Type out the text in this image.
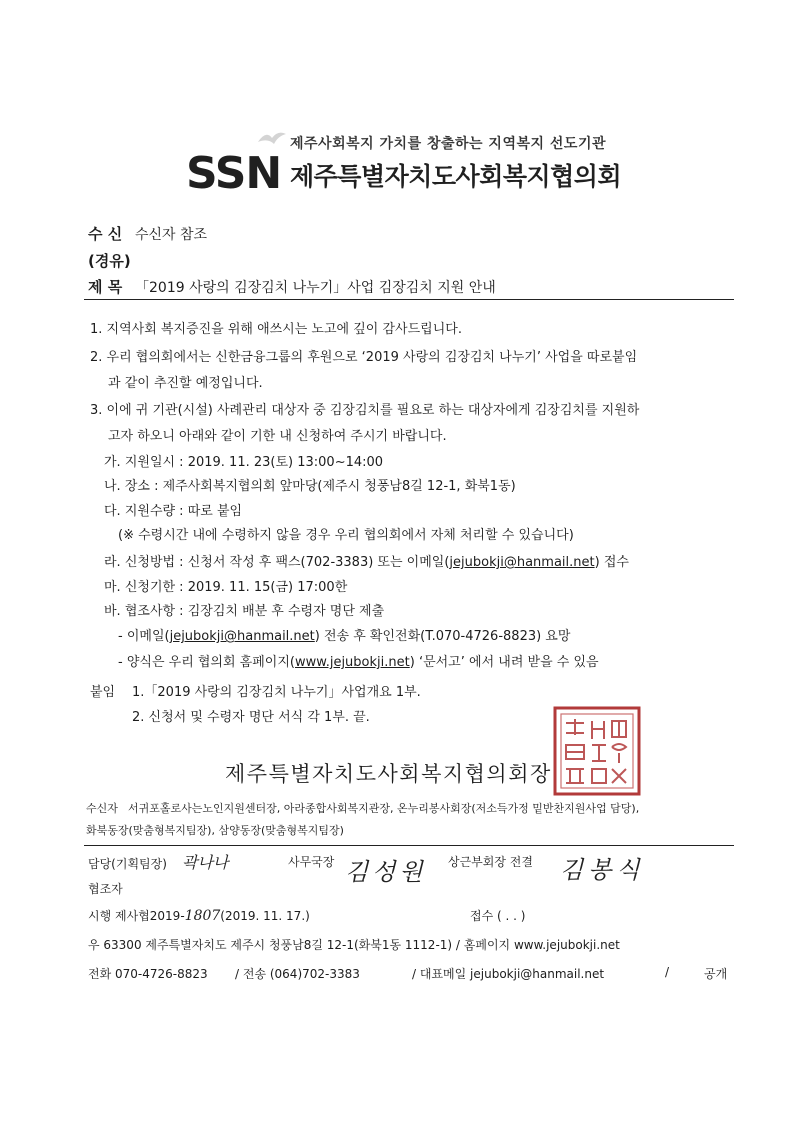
제주사회복지 가치를 창출하는 지역복지 선도기관
SSN 제주특별자치도사회복지협의회
수 신 수신자 참조
(경유)
제 목 「2019 사랑의 김장김치 나누기」사업 김장김치 지원 안내
1. 지역사회 복지증진을 위해 애쓰시는 노고에 깊이 감사드립니다.
2. 우리 협의회에서는 신한금융그룹의 후원으로 ‘2019 사랑의 김장김치 나누기’ 사업을 따로붙임
과 같이 추진할 예정입니다.
3. 이에 귀 기관(시설) 사례관리 대상자 중 김장김치를 필요로 하는 대상자에게 김장김치를 지원하
고자 하오니 아래와 같이 기한 내 신청하여 주시기 바랍니다.
가. 지원일시 : 2019. 11. 23(토) 13:00~14:00
나. 장소 : 제주사회복지협의회 앞마당(제주시 청풍남8길 12-1, 화북1동)
다. 지원수량 : 따로 붙임
(※ 수령시간 내에 수령하지 않을 경우 우리 협의회에서 자체 처리할 수 있습니다)
라. 신청방법 : 신청서 작성 후 팩스(702-3383) 또는 이메일(jejubokji@hanmail.net) 접수
마. 신청기한 : 2019. 11. 15(금) 17:00한
바. 협조사항 : 김장김치 배분 후 수령자 명단 제출
- 이메일(jejubokji@hanmail.net) 전송 후 확인전화(T.070-4726-8823) 요망
- 양식은 우리 협의회 홈페이지(www.jejubokji.net) ‘문서고’ 에서 내려 받을 수 있음
붙임 1.「2019 사랑의 김장김치 나누기」사업개요 1부.
2. 신청서 및 수령자 명단 서식 각 1부. 끝.
제주특별자치도사회복지협의회장
수신자 서귀포홀로사는노인지원센터장, 아라종합사회복지관장, 온누리봉사회장(저소득가정 밑반찬지원사업 담당),
화북동장(맞춤형복지팀장), 삼양동장(맞춤형복지팀장)
담당(기획팀장) 곽나나	사무국장 김성원 상근부회장 전결 김봉식
협조자
시행 제사협2019-1807(2019. 11. 17.)	접수 ( . . )
우 63300 제주특별자치도 제주시 청풍남8길 12-1(화북1동 1112-1) / 홈페이지 www.jejubokji.net
전화 070-4726-8823 / 전송 (064)702-3383	/ 대표메일 jejubokji@hanmail.net	/	공개
